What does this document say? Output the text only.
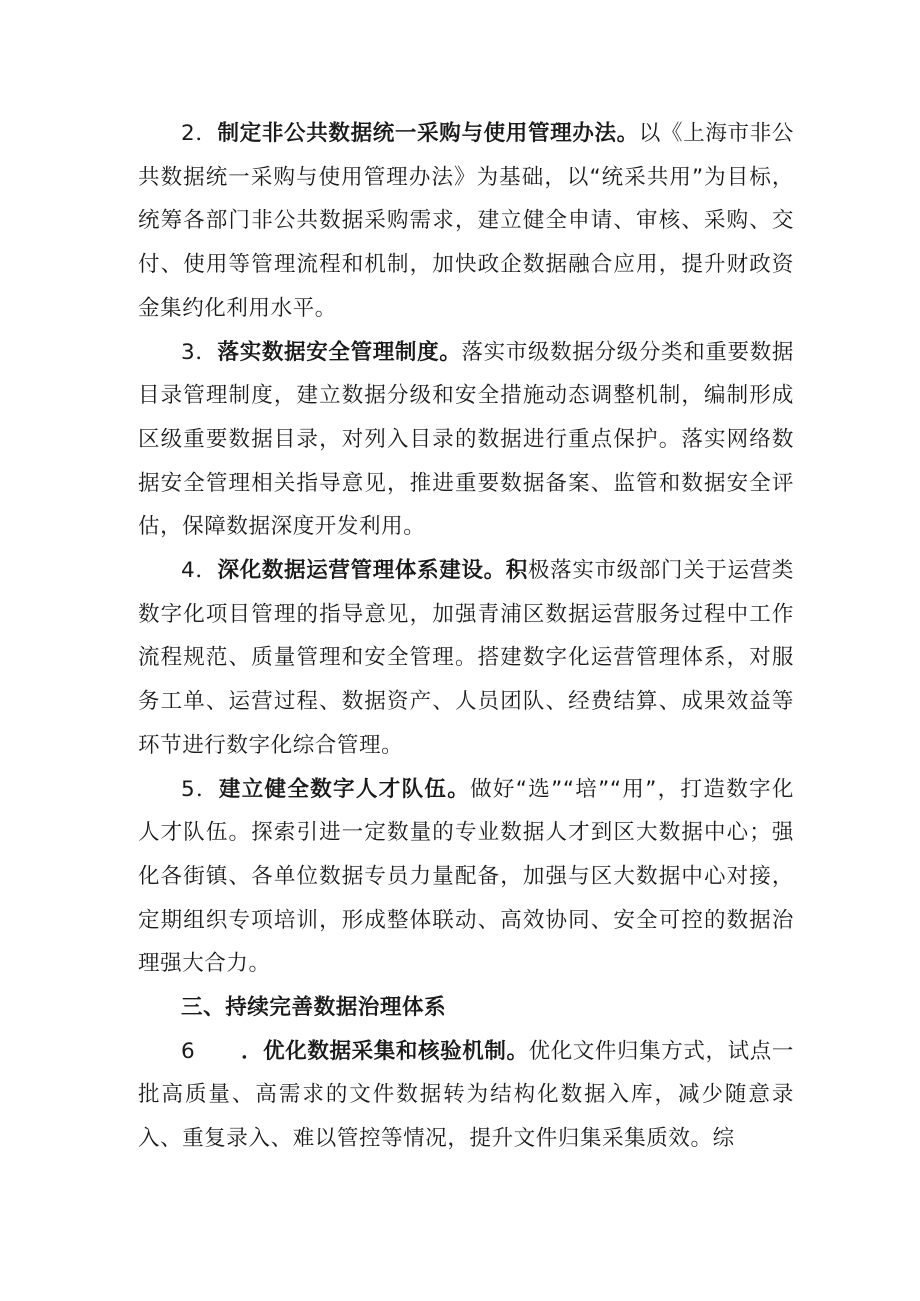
2．制定非公共数据统一采购与使用管理办法。以《上海市非公共数据统一采购与使用管理办法》为基础，以“统采共用”为目标，统筹各部门非公共数据采购需求，建立健全申请、审核、采购、交付、使用等管理流程和机制，加快政企数据融合应用，提升财政资金集约化利用水平。

3．落实数据安全管理制度。落实市级数据分级分类和重要数据目录管理制度，建立数据分级和安全措施动态调整机制，编制形成区级重要数据目录，对列入目录的数据进行重点保护。落实网络数据安全管理相关指导意见，推进重要数据备案、监管和数据安全评估，保障数据深度开发利用。

4．深化数据运营管理体系建设。积极落实市级部门关于运营类数字化项目管理的指导意见，加强青浦区数据运营服务过程中工作流程规范、质量管理和安全管理。搭建数字化运营管理体系，对服务工单、运营过程、数据资产、人员团队、经费结算、成果效益等环节进行数字化综合管理。

5．建立健全数字人才队伍。做好“选”“培”“用”，打造数字化人才队伍。探索引进一定数量的专业数据人才到区大数据中心；强化各街镇、各单位数据专员力量配备，加强与区大数据中心对接，定期组织专项培训，形成整体联动、高效协同、安全可控的数据治理强大合力。

三、持续完善数据治理体系

6 ．优化数据采集和核验机制。优化文件归集方式，试点一批高质量、高需求的文件数据转为结构化数据入库，减少随意录入、重复录入、难以管控等情况，提升文件归集采集质效。综
